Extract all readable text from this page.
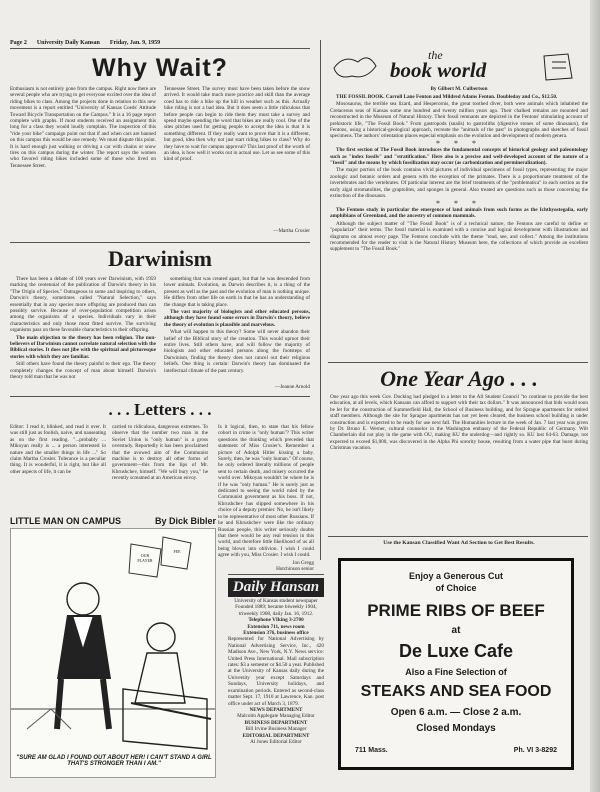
Page 2 University Daily Kansan Friday, Jan. 9, 1959
Why Wait?
Enthusiasm is not entirely gone from the campus. Right now there are several people who are trying to get everyone excited over the idea of riding bikes to class. Among the projects done in relation to this new movement is a report entitled "University of Kansas Coeds' Attitude Toward Bicycle Transportation on the Campus." It is a 16 page report complete with graphs. If most students received an assignment this long for a class they would loudly complain. The inspection of this "ride your bike" campaign point out that if and when cars are banned on this campus this would be one remedy. We must dispute this point. It is hard enough just walking or driving a car with chains or snow tires on this campus during the winter. The report says the women who favored riding bikes included some of those who lived on Tennessee Street.
Tennessee Street. The survey must have been taken before the snow arrived. It would take much more practice and skill than the average coed has to ride a bike up the hill in weather such as this. Actually bike riding is not a bad idea. But it does seem a little ridiculous that before people can begin to ride them they must take a survey and spend maybe spending the word that bikes are really cool. One of the sites pitches used for getting people to accept the idea is that it is something different. If they really want to prove that it is a different, but good, idea then why not just start riding bikes to class? Why do they have to wait for campus approval? This last proof of the worth of an idea, is how well it works out in actual use. Let us see some of this kind of proof.
—Martha Crosier
Darwinism

There has been a debate of 100 years over Darwinism, with 1959 marking the centennial of the publication of Darwin's theory in his "The Origin of Species." Outrageous to some and inspiring to others, Darwin's theory, sometimes called "Natural Selection," says essentially that in any species more offspring are produced than can possibly survive. Because of over-population competition arises among the organisms of a species. Individuals vary in their characteristics and only those most fitted survive. The surviving organisms pass on these favorable characteristics to their offspring.

The main objection to the theory has been religion. The non-believers of Darwinism cannot correlate natural selection with the Biblical stories. It does not jibe with the spiritual and picturesque stories with which they are familiar.

Still others have found the theory painful to their ego. The theory completely changes the concept of man about himself. Darwin's theory told man that he was not

something that was created apart, but that he was descended from lower animals. Evolution, as Darwin describes it, is a thing of the present as well as the past and the evolution of man is nothing unique. He differs from other life on earth in that he has an understanding of the change that is taking place.

The vast majority of biologists and other educated persons, although they have found some errors in Darwin's theory, believe the theory of evolution is plausible and marvelous.

What will happen to this theory? Some will never abandon their belief of the Biblical story of the creation. This would uproot their entire lives. Still others have, and will follow the majority of biologists and other educated persons along the footsteps of Darwinism, finding the theory does not cancel out their religious beliefs. One thing is certain: Darwin's theory has dominated the intellectual climate of the past century.

—Jeanne Arnold
. . . Letters . . .
Editor: I read it, blinked, and read it over. It was still just as foolish, naive, and nauseating as on the first reading. "...probably ... Mikoyan really is ... a person interested in nature and the smaller things in life ..." So claim Martha Crosier. Tolerance is a peculiar thing. It is wonderful, it is right, but like all other aspects of life, it can be
carried to ridiculous, dangerous extremes. To observe that the number two man in the Soviet Union is "only human" is a gross overstudy. Reportedly it has been proclaimed that the avowed aim of the Communist machine is to destroy all other forms of government—this from the lips of Mr. Khrushchev, himself. "We will bury you," he recently screamed at an American envoy.
Is it logical, then, to state that his fellow cohort in crime is "only human"? This writer questions the thinking which preceded that statement of Miss Crosier's. Remember a picture of Adolph Hitler kissing a baby. Surely, then, he was "only human." Of course, he only ordered literally millions of people sent to certain death, and misery occurred the world over. Mikoyan wouldn't be where he is if he was "only human." He is surely just as dedicated to seeing the world ruled by the Communist government as his boss. If not, Khrushchev has slipped somewhere in his choice of a deputy premier. No, he isn't likely to be representative of most other Russians. If he and Khrushchev were like the ordinary Russian people, this writer seriously doubts that there would be any real tension in this world, and therefore little likelihood of us all being blown into oblivion. I wish I could agree with you, Miss Crosier. I wish I could.
Jon Gregg
Hutchinson senior
LITTLE MAN ON CAMPUS	By Dick Bibler
OUR PLAYER
FEE
"SURE AM GLAD I FOUND OUT ABOUT HER! I CAN'T STAND A GIRL THAT'S STRONGER THAN I AM."
Daily Hansan
University of Kansas student newspaper
Founded 1889; became biweekly 1904,
triweekly 1908, daily Jan. 16, 1912.
Telephone VIking 3-2700
Extension 711, news room
Extension 376, business office
Represented for National Advertising by National Advertising Service, Inc., 420 Madison Ave., New York, N.Y. News service: United Press International. Mail subscription rates: $3 a semester or $4.50 a year. Published at the University of Kansas daily during the University year except Saturdays and Sundays, University holidays, and examination periods. Entered as second-class matter Sept. 17, 1910 at Lawrence, Kan. post office under act of March 3, 1879.
NEWS DEPARTMENT
Malcolm Applegate Managing Editor
BUSINESS DEPARTMENT
Bill Irvine Business Manager
EDITORIAL DEPARTMENT
Al Jones Editorial Editor
the
book world
By Gilbert M. Culbertson

THE FOSSIL BOOK. Carroll Lane Fenton and Mildred Adams Fenton. Doubleday and Co., $12.50.

Mososaurus, the terrible sea lizard, and Hesperornis, the great toothed diver, both were animals which inhabited the Cretaceous seas of Kansas some one hundred and twenty million years ago. Their chalked remains are mounted and reconstructed in the Museum of Natural History. Their fossil remnants are depicted in the Fentons' stimulating account of prehistoric life, "The Fossil Book." From gastropods (snails) to gastroliths (digestive stones of some dinosaurs), the Fentons, using a historical-geological approach, recreate the "animals of the past" in photographs and sketches of fossil specimens. The authors' orientation places especial emphasis on the evolution and development of modern genera.

* * *

The first section of The Fossil Book introduces the fundamental concepts of historical geology and paleontology such as "index fossils" and "stratification." Here also is a precise and well-developed account of the nature of a "fossil" and the means by which fossilization may occur (as carbonization and permineralization).

The major portion of the book contains vivid pictures of individual specimens of fossil types, representing the major zoologic and botanic orders and genera with the exception of the primates. There is a proportionate treatment of the invertebrates and the vertebrates. Of particular interest are the brief treatments of the "problematica" in each section as the early algal stromatolites, the graptolites, and sponges in general. Also treated are questions such as those concerning the extinction of the dinosaurs.

* * *

The Fentons study in particular the emergence of land animals from such forms as the Ichthyostegalia, early amphibians of Greenland, and the ancestry of common mammals.

Although the subject matter of "The Fossil Book" is of a technical nature, the Fentons are careful to define or "popularize" their terms. The fossil material is examined with a concise and logical development with illustrations and diagrams on almost every page. The Fentons conclude with the theme "read, see, and collect." Among the institutions recommended for the reader to visit is the Natural History Museum here, the collections of which provide an excellent supplement to "The Fossil Book."

One Year Ago . . .
One year ago this week Gov. Docking had pledged in a letter to the All Student Council "to continue to provide the best education, at all levels, which Kansans can afford to support with their tax dollars." It was announced that bids would soon be let for the construction of Summerfield Hall, the School of Business building, and for Sprague apartments for retired staff members. Although the site for Sprague apartments has not yet been cleared, the business school building is under construction and is expected to be ready for use next fall. The Humanities lecture in the week of Jan. 7 last year was given by Dr. Bruno E. Werner, cultural counselor in the Washington embassy of the Federal Republic of Germany. Wilt Chamberlain did not play in the game with OU, making KU the underdog—and rightly so. KU lost 64-63. Damage, not expected to exceed $1,000, was discovered in the Alpha Phi sorority house, resulting from a water pipe that burst during Christmas vacation.
Use the Kansan Classified Want Ad Section to Get Best Results.
Enjoy a Generous Cut
of Choice
PRIME RIBS OF BEEF
at
De Luxe Cafe
Also a Fine Selection of
STEAKS AND SEA FOOD
Open 6 a.m. — Close 2 a.m.
Closed Mondays
711 Mass.	Ph. VI 3-8292
